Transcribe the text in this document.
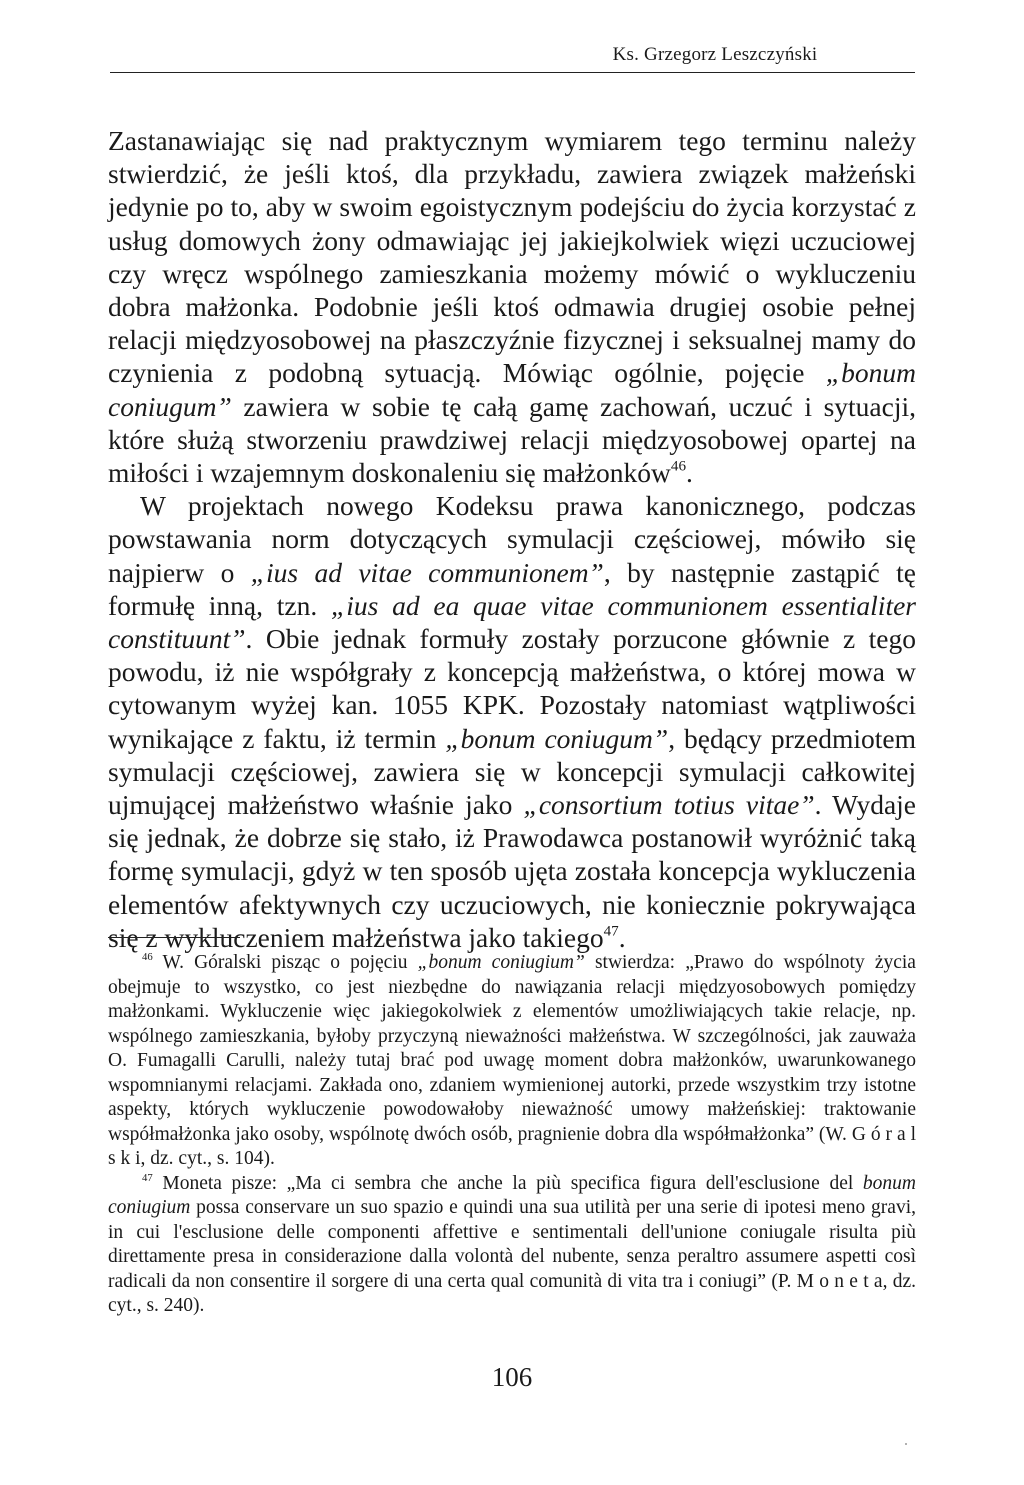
Ks. Grzegorz Leszczyński

Zastanawiając się nad praktycznym wymiarem tego terminu należy stwierdzić, że jeśli ktoś, dla przykładu, zawiera związek małżeński jedynie po to, aby w swoim egoistycznym podejściu do życia korzystać z usług domowych żony odmawiając jej jakiejkolwiek więzi uczuciowej czy wręcz wspólnego zamieszkania możemy mówić o wykluczeniu dobra małżonka. Podobnie jeśli ktoś odmawia drugiej osobie pełnej relacji międzyosobowej na płaszczyźnie fizycznej i seksualnej mamy do czynienia z podobną sytuacją. Mówiąc ogólnie, pojęcie „bonum coniugum” zawiera w sobie tę całą gamę zachowań, uczuć i sytuacji, które służą stworzeniu prawdziwej relacji międzyosobowej opartej na miłości i wzajemnym doskonaleniu się małżonków$^{46}$.

W projektach nowego Kodeksu prawa kanonicznego, podczas powstawania norm dotyczących symulacji częściowej, mówiło się najpierw o „ius ad vitae communionem”, by następnie zastąpić tę formułę inną, tzn. „ius ad ea quae vitae communionem essentialiter constituunt”. Obie jednak formuły zostały porzucone głównie z tego powodu, iż nie współgrały z koncepcją małżeństwa, o której mowa w cytowanym wyżej kan. 1055 KPK. Pozostały natomiast wątpliwości wynikające z faktu, iż termin „bonum coniugum”, będący przedmiotem symulacji częściowej, zawiera się w koncepcji symulacji całkowitej ujmującej małżeństwo właśnie jako „consortium totius vitae”. Wydaje się jednak, że dobrze się stało, iż Prawodawca postanowił wyróżnić taką formę symulacji, gdyż w ten sposób ujęta została koncepcja wykluczenia elementów afektywnych czy uczuciowych, nie koniecznie pokrywająca się z wykluczeniem małżeństwa jako takiego$^{47}$.

$^{46}$ W. Góralski pisząc o pojęciu „bonum coniugium” stwierdza: „Prawo do wspólnoty życia obejmuje to wszystko, co jest niezbędne do nawiązania relacji międzyosobowych pomiędzy małżonkami. Wykluczenie więc jakiegokolwiek z elementów umożliwiających takie relacje, np. wspólnego zamieszkania, byłoby przyczyną nieważności małżeństwa. W szczególności, jak zauważa O. Fumagalli Carulli, należy tutaj brać pod uwagę moment dobra małżonków, uwarunkowanego wspomnianymi relacjami. Zakłada ono, zdaniem wymienionej autorki, przede wszystkim trzy istotne aspekty, których wykluczenie powodowałoby nieważność umowy małżeńskiej: traktowanie współmałżonka jako osoby, wspólnotę dwóch osób, pragnienie dobra dla współmałżonka” (W. G ó r a l s k i, dz. cyt., s. 104).

$^{47}$ Moneta pisze: „Ma ci sembra che anche la più specifica figura dell'esclusione del bonum coniugium possa conservare un suo spazio e quindi una sua utilità per una serie di ipotesi meno gravi, in cui l'esclusione delle componenti affettive e sentimentali dell'unione coniugale risulta più direttamente presa in considerazione dalla volontà del nubente, senza peraltro assumere aspetti così radicali da non consentire il sorgere di una certa qual comunità di vita tra i coniugi” (P. M o n e t a, dz. cyt., s. 240).

106
